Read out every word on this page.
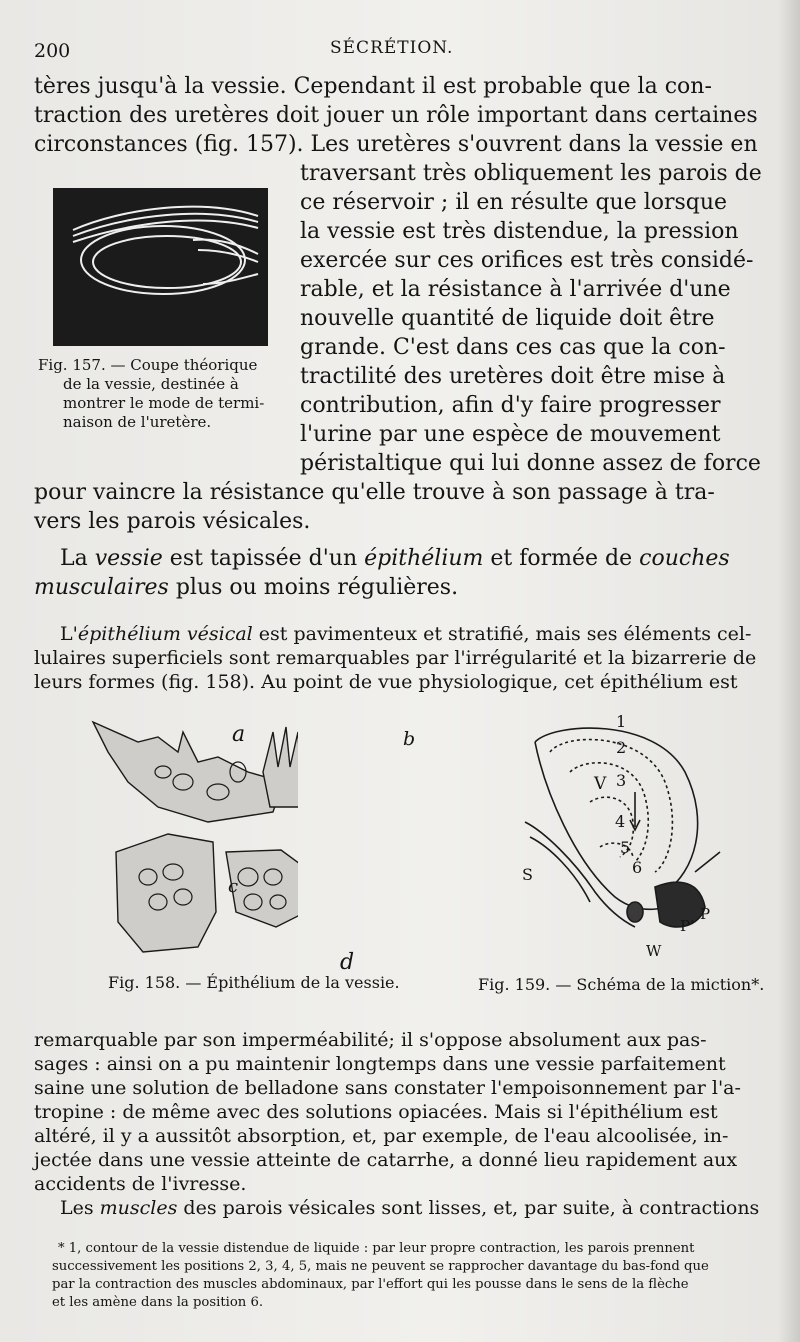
200	SÉCRÉTION.
tères jusqu'à la vessie. Cependant il est probable que la con-
traction des uretères doit jouer un rôle important dans certaines
circonstances (fig. 157). Les uretères s'ouvrent dans la vessie en
traversant très obliquement les parois de
ce réservoir ; il en résulte que lorsque
la vessie est très distendue, la pression
exercée sur ces orifices est très considé-
rable, et la résistance à l'arrivée d'une
nouvelle quantité de liquide doit être
grande. C'est dans ces cas que la con-
tractilité des uretères doit être mise à
contribution, afin d'y faire progresser
l'urine par une espèce de mouvement
péristaltique qui lui donne assez de force
pour vaincre la résistance qu'elle trouve à son passage à tra-
vers les parois vésicales.
Fig. 157. — Coupe théorique
de la vessie, destinée à
montrer le mode de termi-
naison de l'uretère.
La vessie est tapissée d'un épithélium et formée de couches
musculaires plus ou moins régulières.
L'épithélium vésical est pavimenteux et stratifié, mais ses éléments cel-
lulaires superficiels sont remarquables par l'irrégularité et la bizarrerie de
leurs formes (fig. 158). Au point de vue physiologique, cet épithélium est
a	b
c
d
Fig. 158. — Épithélium de la vessie.
1
2
V 3
4
5
6
S
P
P'
W
Fig. 159. — Schéma de la miction*.
remarquable par son imperméabilité; il s'oppose absolument aux pas-
sages : ainsi on a pu maintenir longtemps dans une vessie parfaitement
saine une solution de belladone sans constater l'empoisonnement par l'a-
tropine : de même avec des solutions opiacées. Mais si l'épithélium est
altéré, il y a aussitôt absorption, et, par exemple, de l'eau alcoolisée, in-
jectée dans une vessie atteinte de catarrhe, a donné lieu rapidement aux
accidents de l'ivresse.
Les muscles des parois vésicales sont lisses, et, par suite, à contractions
* 1, contour de la vessie distendue de liquide : par leur propre contraction, les parois prennent
successivement les positions 2, 3, 4, 5, mais ne peuvent se rapprocher davantage du bas-fond que
par la contraction des muscles abdominaux, par l'effort qui les pousse dans le sens de la flèche
et les amène dans la position 6.
